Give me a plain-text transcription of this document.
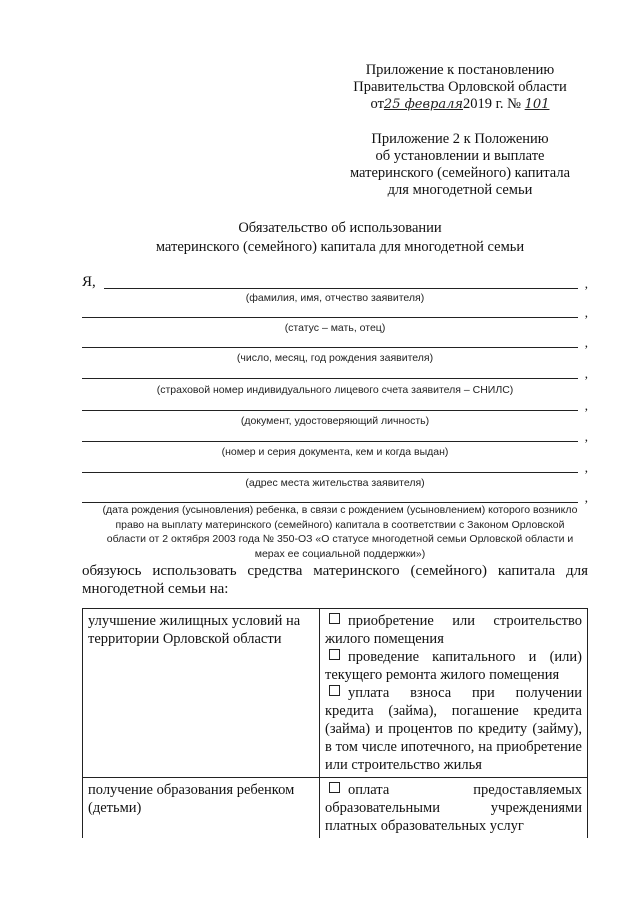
Приложение к постановлению
Правительства Орловской области
от25 февраля2019 г. № 101
Приложение 2 к Положению
об установлении и выплате
материнского (семейного) капитала
для многодетной семьи
Обязательство об использовании
материнского (семейного) капитала для многодетной семьи
Я,	,
(фамилия, имя, отчество заявителя)
,
(статус – мать, отец)
,
(число, месяц, год рождения заявителя)
,
(страховой номер индивидуального лицевого счета заявителя – СНИЛС)
,
(документ, удостоверяющий личность)
,
(номер и серия документа, кем и когда выдан)
,
(адрес места жительства заявителя)
,
(дата рождения (усыновления) ребенка, в связи с рождением (усыновлением) которого возникло право на выплату материнского (семейного) капитала в соответствии с Законом Орловской области от 2 октября 2003 года № 350-ОЗ «О статусе многодетной семьи Орловской области и мерах ее социальной поддержки»)
обязуюсь использовать средства материнского (семейного) капитала для многодетной семьи на:
улучшение жилищных условий на территории Орловской области	приобретение или строительство жилого помещения
проведение капитального и (или) текущего ремонта жилого помещения
уплата взноса при получении кредита (займа), погашение кредита (займа) и процентов по кредиту (займу), в том числе ипотечного, на приобретение или строительство жилья

получение образования ребенком (детьми)	оплата предоставляемых образовательными учреждениями платных образовательных услуг
